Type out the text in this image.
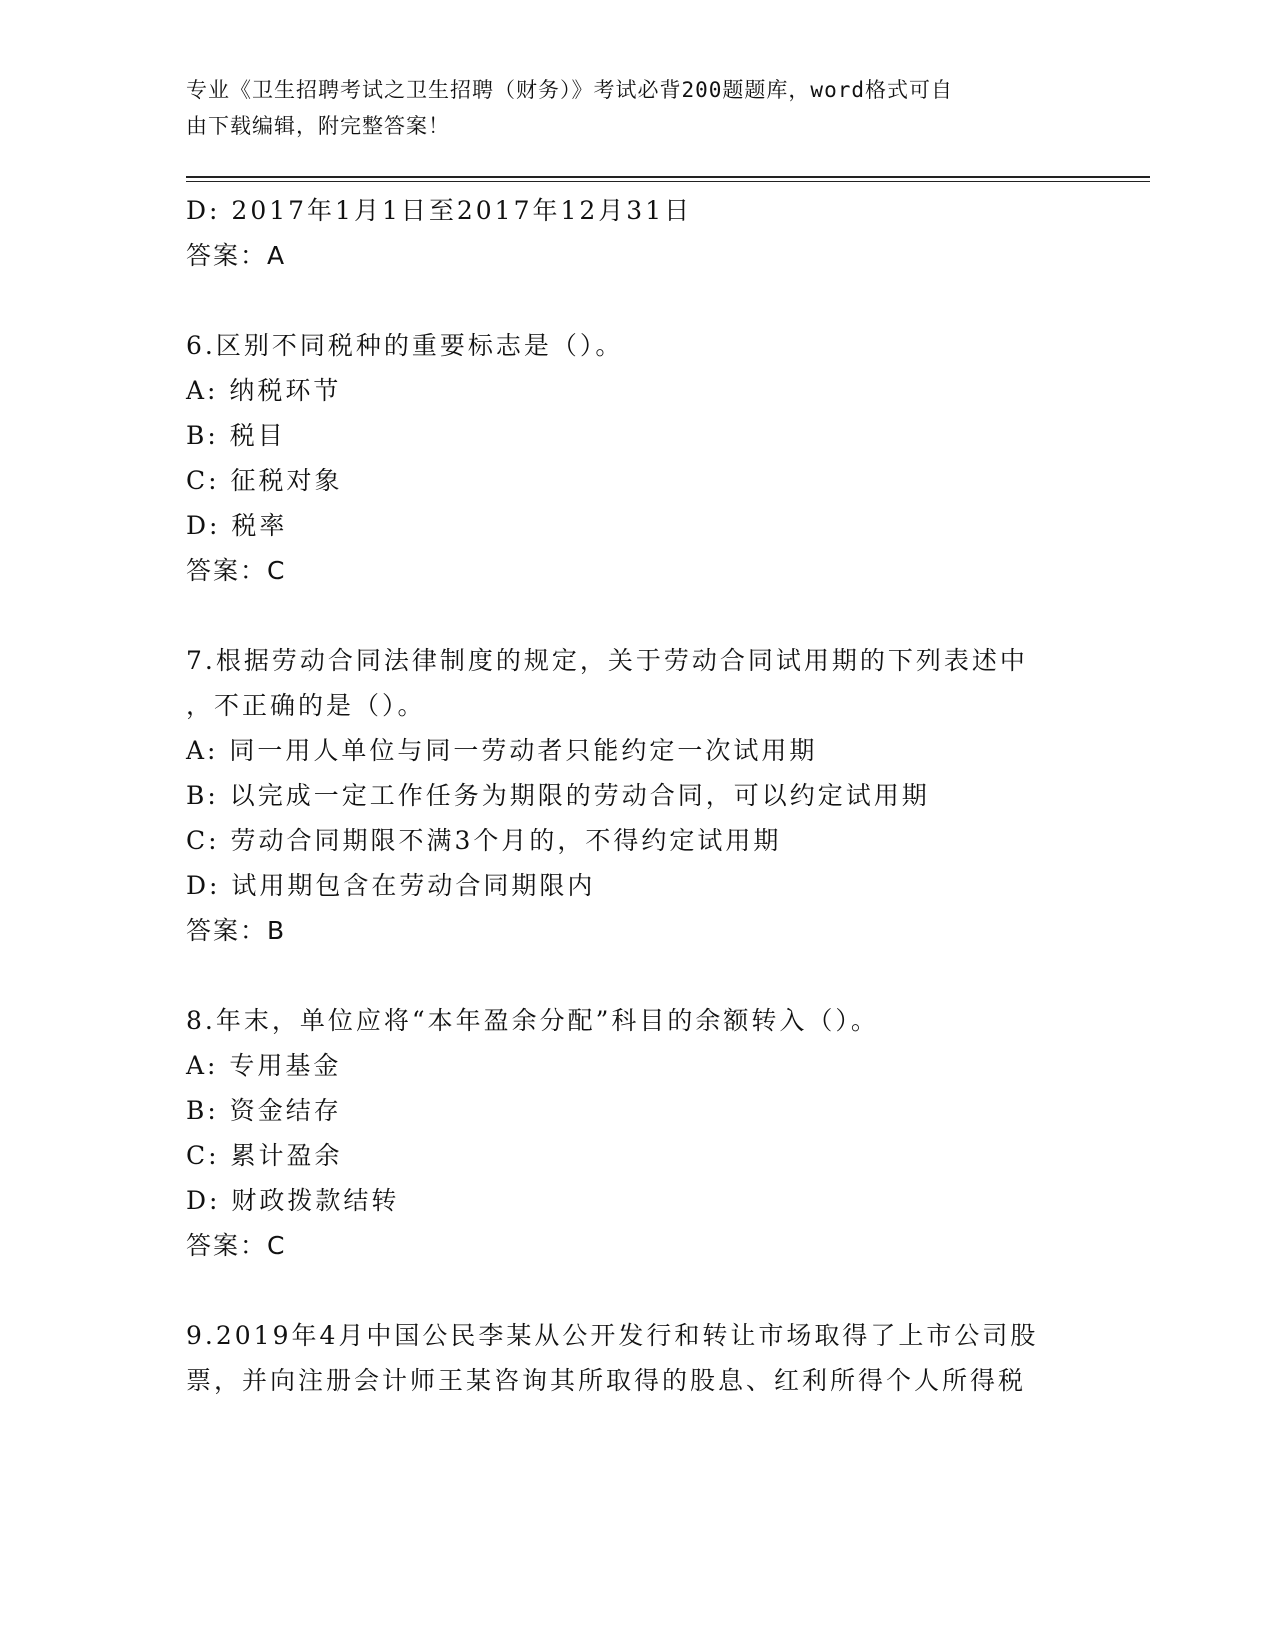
专业《卫生招聘考试之卫生招聘（财务）》考试必背200题题库，word格式可自
由下载编辑，附完整答案！
D: 2017年1月1日至2017年12月31日
答案：A
6.区别不同税种的重要标志是（）。
A: 纳税环节
B: 税目
C: 征税对象
D: 税率
答案：C
7.根据劳动合同法律制度的规定，关于劳动合同试用期的下列表述中
，不正确的是（）。
A: 同一用人单位与同一劳动者只能约定一次试用期
B: 以完成一定工作任务为期限的劳动合同，可以约定试用期
C: 劳动合同期限不满3个月的，不得约定试用期
D: 试用期包含在劳动合同期限内
答案：B
8.年末，单位应将“本年盈余分配”科目的余额转入（）。
A: 专用基金
B: 资金结存
C: 累计盈余
D: 财政拨款结转
答案：C
9.2019年4月中国公民李某从公开发行和转让市场取得了上市公司股
票，并向注册会计师王某咨询其所取得的股息、红利所得个人所得税
